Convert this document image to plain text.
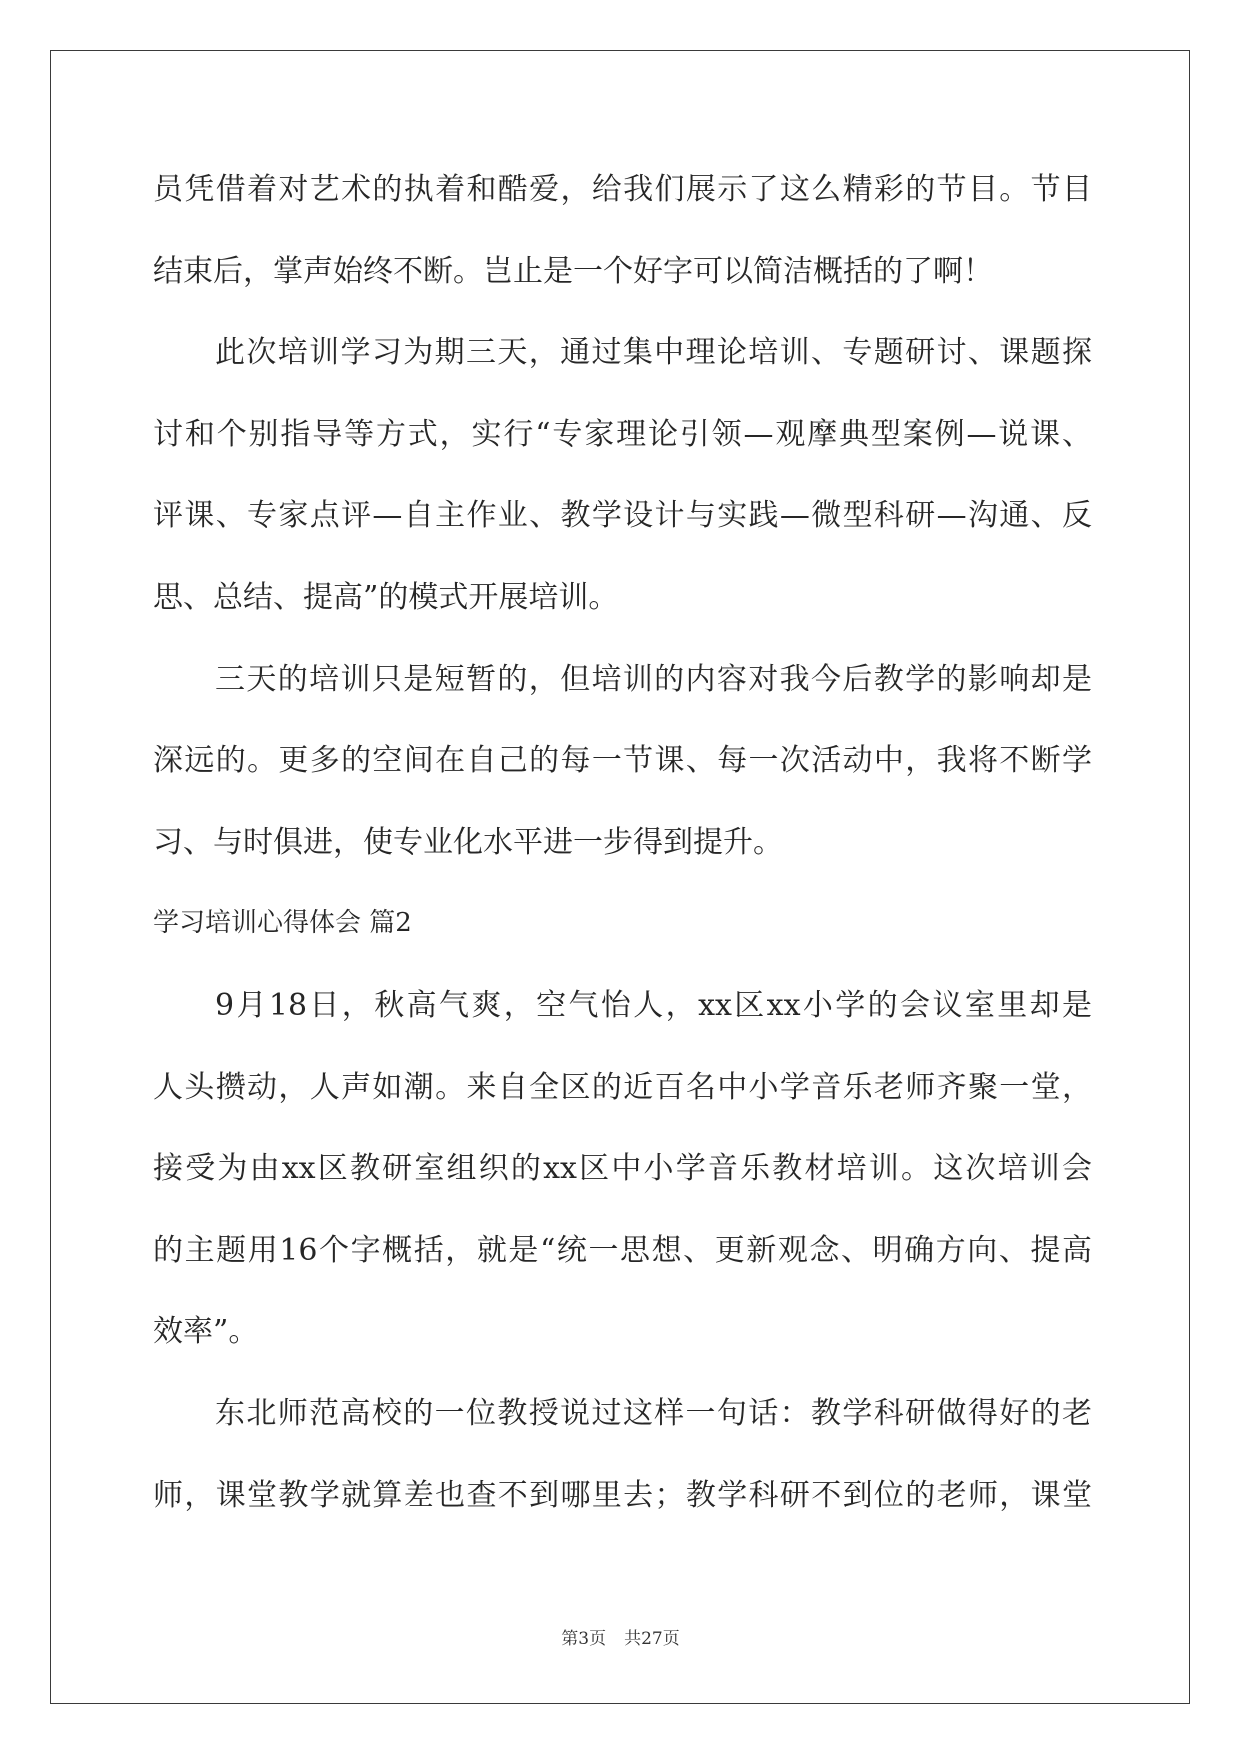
员凭借着对艺术的执着和酷爱，给我们展示了这么精彩的节目。节目
结束后，掌声始终不断。岂止是一个好字可以简洁概括的了啊！
此次培训学习为期三天，通过集中理论培训、专题研讨、课题探
讨和个别指导等方式，实行“专家理论引领—观摩典型案例—说课、
评课、专家点评—自主作业、教学设计与实践—微型科研—沟通、反
思、总结、提高”的模式开展培训。
三天的培训只是短暂的，但培训的内容对我今后教学的影响却是
深远的。更多的空间在自己的每一节课、每一次活动中，我将不断学
习、与时俱进，使专业化水平进一步得到提升。
学习培训心得体会 篇2
9月18日，秋高气爽，空气怡人，xx区xx小学的会议室里却是
人头攒动，人声如潮。来自全区的近百名中小学音乐老师齐聚一堂，
接受为由xx区教研室组织的xx区中小学音乐教材培训。这次培训会
的主题用16个字概括，就是“统一思想、更新观念、明确方向、提高
效率”。
东北师范高校的一位教授说过这样一句话：教学科研做得好的老
师，课堂教学就算差也查不到哪里去；教学科研不到位的老师，课堂
第3页 共27页
